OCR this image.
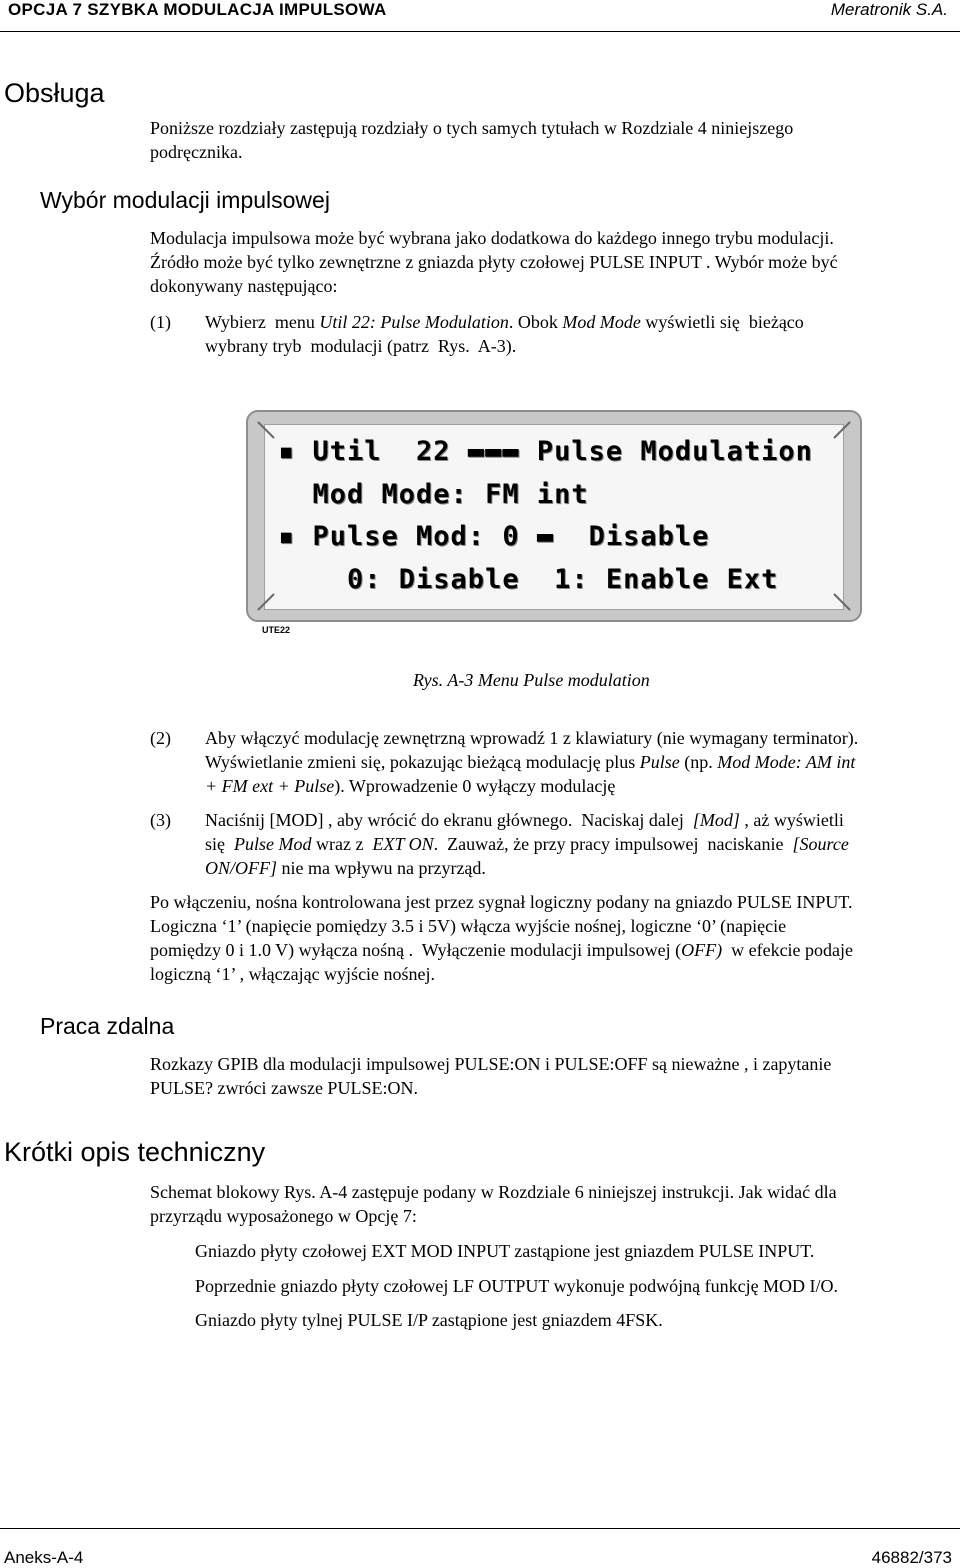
OPCJA 7 SZYBKA MODULACJA IMPULSOWA	Meratronik S.A.
Obsługa
Poniższe rozdziały zastępują rozdziały o tych samych tytułach w Rozdziale 4 niniejszego
podręcznika.
Wybór modulacji impulsowej
Modulacja impulsowa może być wybrana jako dodatkowa do każdego innego trybu modulacji.
Źródło może być tylko zewnętrzne z gniazda płyty czołowej PULSE INPUT . Wybór może być
dokonywany następująco:
(1) Wybierz  menu Util 22: Pulse Modulation. Obok Mod Mode wyświetli się  bieżąco
wybrany tryb  modulacji (patrz  Rys.  A-3).
▪ Util  22 ▬▬▬ Pulse Modulation
Mod Mode: FM int
▪ Pulse Mod: 0 ▬  Disable
0: Disable  1: Enable Ext
UTE22
Rys. A-3 Menu Pulse modulation
(2) Aby włączyć modulację zewnętrzną wprowadź 1 z klawiatury (nie wymagany terminator).
Wyświetlanie zmieni się, pokazując bieżącą modulację plus Pulse (np. Mod Mode: AM int
+ FM ext + Pulse). Wprowadzenie 0 wyłączy modulację
(3) Naciśnij [MOD] , aby wrócić do ekranu głównego.  Naciskaj dalej  [Mod] , aż wyświetli
się  Pulse Mod wraz z  EXT ON.  Zauważ, że przy pracy impulsowej  naciskanie  [Source
ON/OFF] nie ma wpływu na przyrząd.
Po włączeniu, nośna kontrolowana jest przez sygnał logiczny podany na gniazdo PULSE INPUT.
Logiczna ‘1’ (napięcie pomiędzy 3.5 i 5V) włącza wyjście nośnej, logiczne ‘0’ (napięcie
pomiędzy 0 i 1.0 V) wyłącza nośną .  Wyłączenie modulacji impulsowej (OFF)  w efekcie podaje
logiczną ‘1’ , włączając wyjście nośnej.
Praca zdalna
Rozkazy GPIB dla modulacji impulsowej PULSE:ON i PULSE:OFF są nieważne , i zapytanie
PULSE? zwróci zawsze PULSE:ON.
Krótki opis techniczny
Schemat blokowy Rys. A-4 zastępuje podany w Rozdziale 6 niniejszej instrukcji. Jak widać dla
przyrządu wyposażonego w Opcję 7:
Gniazdo płyty czołowej EXT MOD INPUT zastąpione jest gniazdem PULSE INPUT.
Poprzednie gniazdo płyty czołowej LF OUTPUT wykonuje podwójną funkcję MOD I/O.
Gniazdo płyty tylnej PULSE I/P zastąpione jest gniazdem 4FSK.
Aneks-A-4	46882/373
